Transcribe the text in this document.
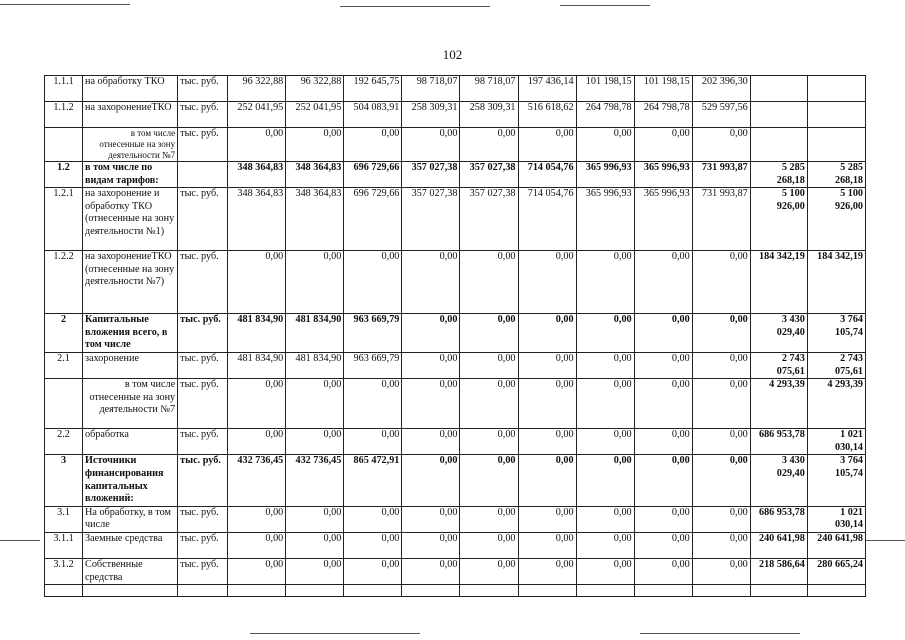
102
1.1.1	на обработку ТКО	тыс. руб.	96 322,88	96 322,88	192 645,75	98 718,07	98 718,07	197 436,14	101 198,15	101 198,15	202 396,30		
1.1.2	на захоронениеТКО	тыс. руб.	252 041,95	252 041,95	504 083,91	258 309,31	258 309,31	516 618,62	264 798,78	264 798,78	529 597,56		
	в том числе отнесенные на зону деятельности №7	тыс. руб.	0,00	0,00	0,00	0,00	0,00	0,00	0,00	0,00	0,00		
1.2	в том числе по видам тарифов:		348 364,83	348 364,83	696 729,66	357 027,38	357 027,38	714 054,76	365 996,93	365 996,93	731 993,87	5 285 268,18	5 285 268,18
1.2.1	на захоронение и обработку ТКО (отнесенные на зону деятельности №1)	тыс. руб.	348 364,83	348 364,83	696 729,66	357 027,38	357 027,38	714 054,76	365 996,93	365 996,93	731 993,87	5 100 926,00	5 100 926,00
1.2.2	на захоронениеТКО (отнесенные на зону деятельности №7)	тыс. руб.	0,00	0,00	0,00	0,00	0,00	0,00	0,00	0,00	0,00	184 342,19	184 342,19
2	Капитальные вложения всего, в том числе	тыс. руб.	481 834,90	481 834,90	963 669,79	0,00	0,00	0,00	0,00	0,00	0,00	3 430 029,40	3 764 105,74
2.1	захоронение	тыс. руб.	481 834,90	481 834,90	963 669,79	0,00	0,00	0,00	0,00	0,00	0,00	2 743 075,61	2 743 075,61
	в том числе отнесенные на зону деятельности №7	тыс. руб.	0,00	0,00	0,00	0,00	0,00	0,00	0,00	0,00	0,00	4 293,39	4 293,39
2.2	обработка	тыс. руб.	0,00	0,00	0,00	0,00	0,00	0,00	0,00	0,00	0,00	686 953,78	1 021 030,14
3	Источники финансирования капитальных вложений:	тыс. руб.	432 736,45	432 736,45	865 472,91	0,00	0,00	0,00	0,00	0,00	0,00	3 430 029,40	3 764 105,74
3.1	На обработку, в том числе	тыс. руб.	0,00	0,00	0,00	0,00	0,00	0,00	0,00	0,00	0,00	686 953,78	1 021 030,14
3.1.1	Заемные средства	тыс. руб.	0,00	0,00	0,00	0,00	0,00	0,00	0,00	0,00	0,00	240 641,98	240 641,98
3.1.2	Собственные средства	тыс. руб.	0,00	0,00	0,00	0,00	0,00	0,00	0,00	0,00	0,00	218 586,64	280 665,24
